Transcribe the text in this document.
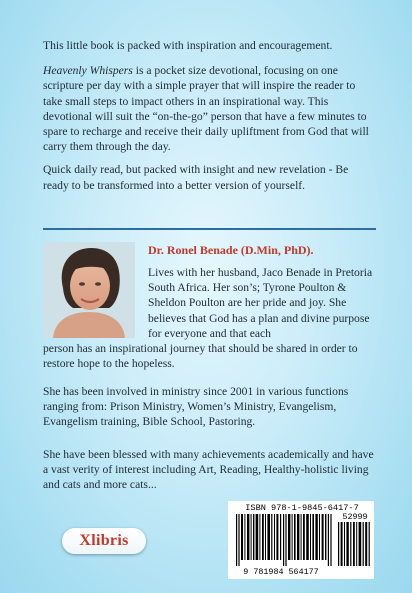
This little book is packed with inspiration and encouragement.

Heavenly Whispers is a pocket size devotional, focusing on one scripture per day with a simple prayer that will inspire the reader to take small steps to impact others in an inspirational way. This devotional will suit the “on-the-go” person that have a few minutes to spare to recharge and receive their daily upliftment from God that will carry them through the day.

Quick daily read, but packed with insight and new revelation - Be ready to be transformed into a better version of yourself.

Dr. Ronel Benade (D.Min, PhD).

Lives with her husband, Jaco Benade in Pretoria South Africa. Her son’s; Tyrone Poulton & Sheldon Poulton are her pride and joy. She believes that God has a plan and divine purpose for everyone and that each

person has an inspirational journey that should be shared in order to restore hope to the hopeless.

She has been involved in ministry since 2001 in various functions ranging from: Prison Ministry, Women’s Ministry, Evangelism, Evangelism training, Bible School, Pastoring.

She have been blessed with many achievements academically and have a vast verity of interest including Art, Reading, Healthy-holistic living and cats and more cats...

Xlibris
ISBN 978-1-9845-6417-7
52999
9 781984 564177
